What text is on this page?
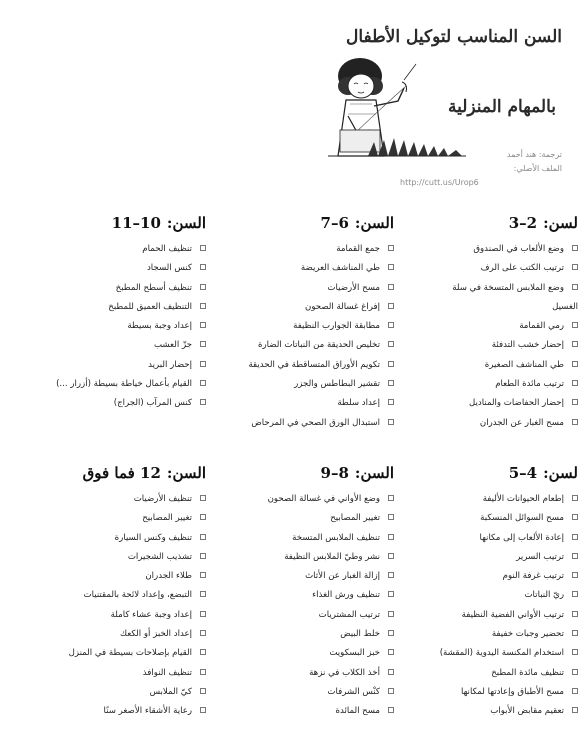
السن المناسب لتوكيل الأطفال
بالمهام المنزلية
ترجمة: هند أحمد
الملف الأصلي:
http://cutt.us/Urop6
لسن:2–3
وضع الألعاب في الصندوق
ترتيب الكتب على الرف
وضع الملابس المتسخة في سلة
الغسيل
رمي القمامة
إحضار خشب التدفئة
طي المناشف الصغيرة
ترتيب مائدة الطعام
إحضار الحفاضات والمناديل
مسح الغبار عن الجدران
السن:6–7
جمع القمامة
طي المناشف العريضة
مسح الأرضيات
إفراغ غسالة الصحون
مطابقة الجوارب النظيفة
تخليص الحديقة من النباتات الضارة
تكويم الأوراق المتساقطة في الحديقة
تقشير البطاطس والجزر
إعداد سلطة
استبدال الورق الصحي في المرحاض
السن:10–11
تنظيف الحمام
كنس السجاد
تنظيف أسطح المطبخ
التنظيف العميق للمطبخ
إعداد وجبة بسيطة
جزّ العشب
إحضار البريد
القيام بأعمال خياطة بسيطة (أزرار ...)
كنس المرآب (الجراج)
لسن:4–5
إطعام الحيوانات الأليفة
مسح السوائل المنسكبة
إعادة الألعاب إلى مكانها
ترتيب السرير
ترتيب غرفة النوم
ريّ النباتات
ترتيب الأواني الفضية النظيفة
تحضير وجبات خفيفة
استخدام المكنسة اليدوية (المقشة)
تنظيف مائدة المطبخ
مسح الأطباق وإعادتها لمكانها
تعقيم مقابض الأبواب
السن:8–9
وضع الأواني في غسالة الصحون
تغيير المصابيح
تنظيف الملابس المتسخة
نشر وطيّ الملابس النظيفة
إزالة الغبار عن الأثاث
تنظيف ورش الغذاء
ترتيب المشتريات
خلط البيض
خبز البسكويت
أخذ الكلاب في نزهة
كنْس الشرفات
مسح المائدة
السن:12 فما فوق
تنظيف الأرضيات
تغيير المصابيح
تنظيف وكنس السيارة
تشذيب الشجيرات
طلاء الجدران
التبضع، وإعداد لائحة بالمقتنيات
إعداد وجبة عشاء كاملة
إعداد الخبز أو الكعك
القيام بإصلاحات بسيطة في المنزل
تنظيف النوافذ
كيّ الملابس
رعاية الأشقاء الأصغر سنًا
